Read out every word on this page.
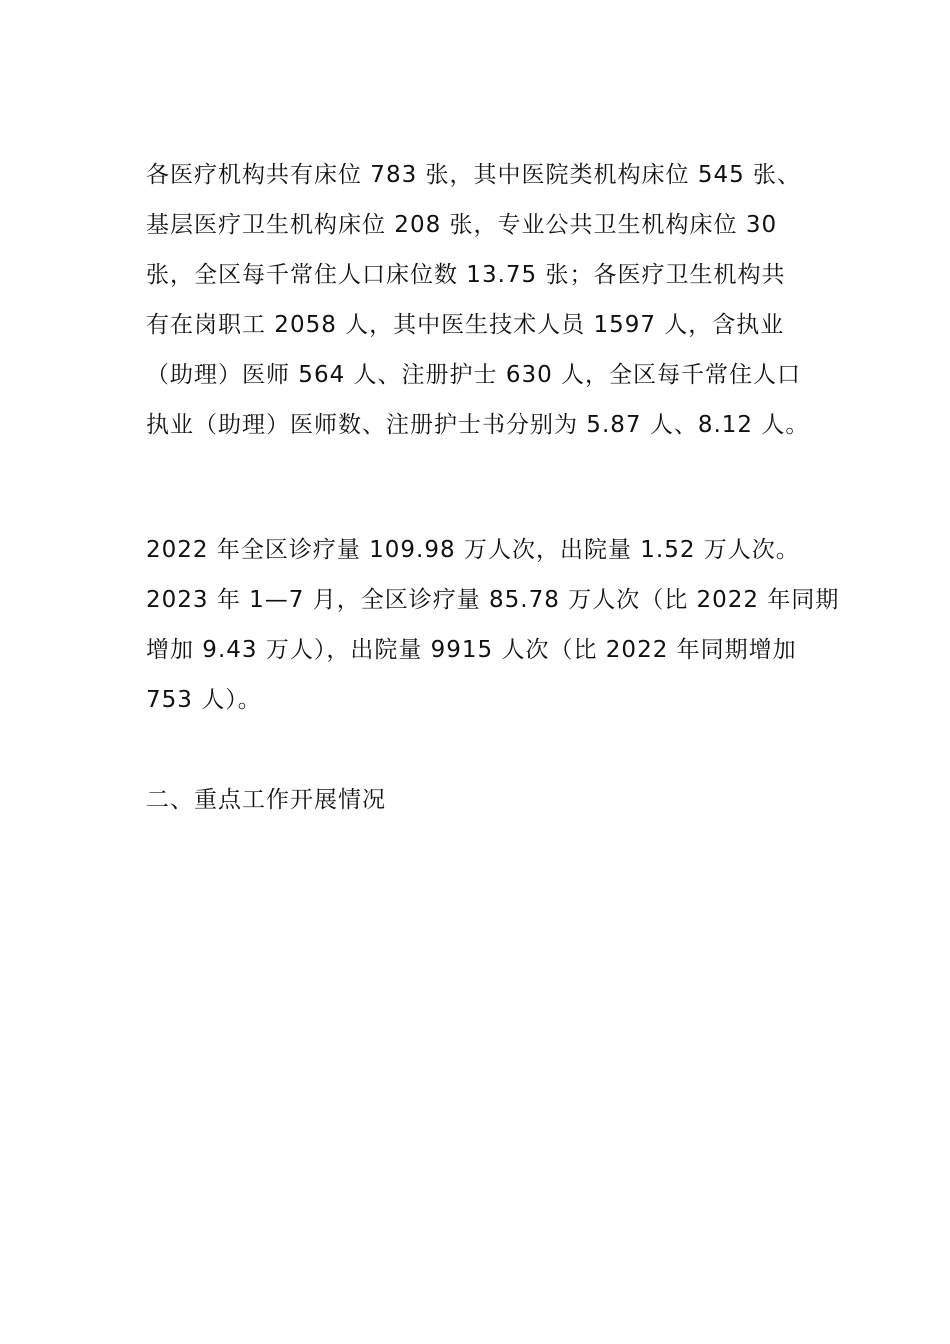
各医疗机构共有床位 783 张，其中医院类机构床位 545 张、
基层医疗卫生机构床位 208 张，专业公共卫生机构床位 30
张，全区每千常住人口床位数 13.75 张；各医疗卫生机构共
有在岗职工 2058 人，其中医生技术人员 1597 人，含执业
（助理）医师 564 人、注册护士 630 人，全区每千常住人口
执业（助理）医师数、注册护士书分别为 5.87 人、8.12 人。
2022 年全区诊疗量 109.98 万人次，出院量 1.52 万人次。
2023 年 1—7 月，全区诊疗量 85.78 万人次（比 2022 年同期
增加 9.43 万人），出院量 9915 人次（比 2022 年同期增加
753 人）。
二、重点工作开展情况
